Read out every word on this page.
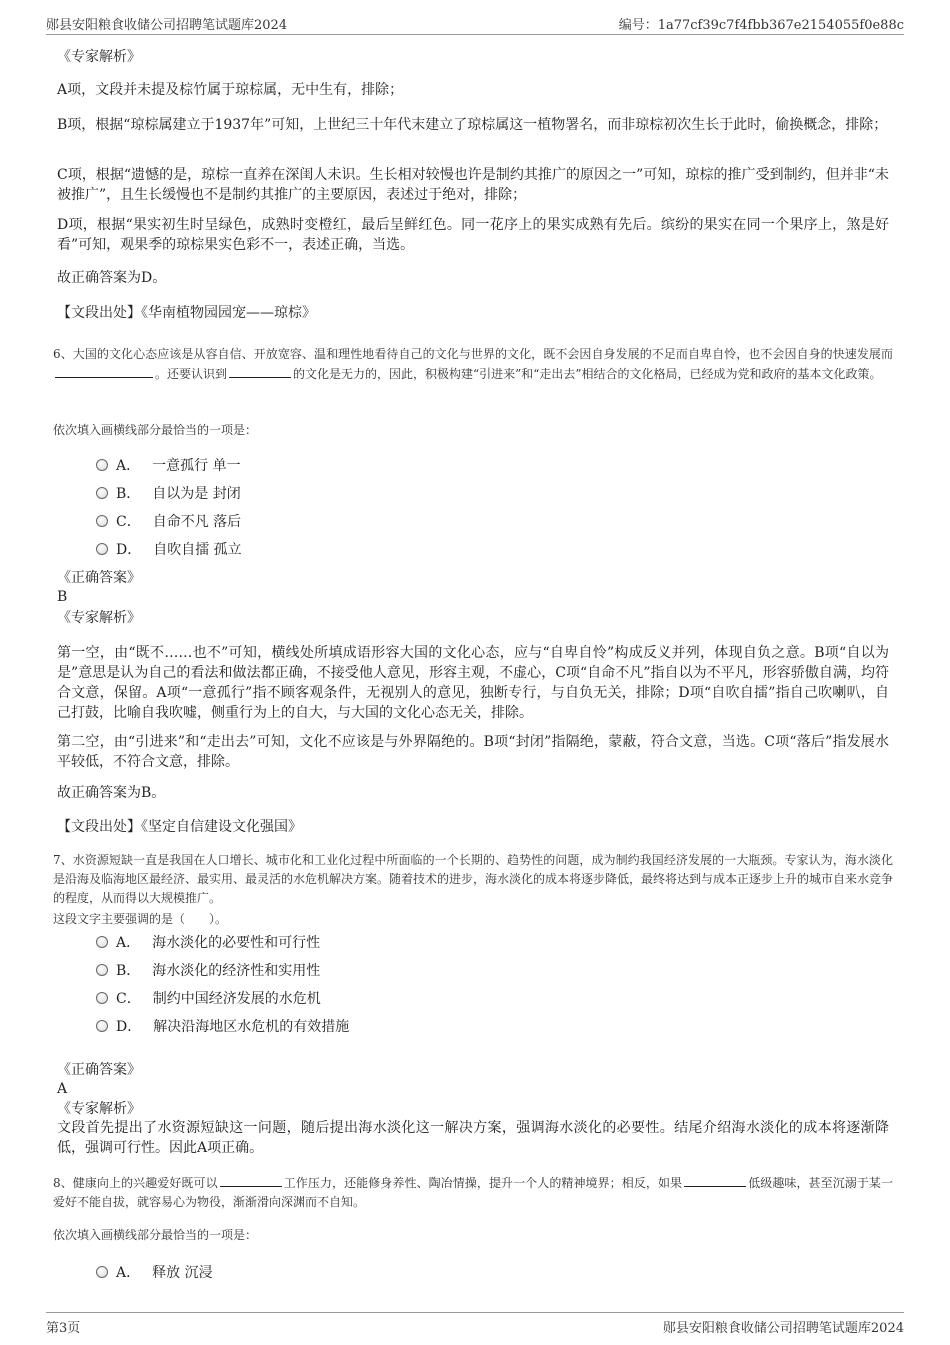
郧县安阳粮食收储公司招聘笔试题库2024	编号：1a77cf39c7f4fbb367e2154055f0e88c
《专家解析》
A项，文段并未提及棕竹属于琼棕属，无中生有，排除；
B项，根据“琼棕属建立于1937年”可知，上世纪三十年代末建立了琼棕属这一植物署名，而非琼棕初次生长于此时，偷换概念，排除；
C项，根据“遗憾的是，琼棕一直养在深闺人未识。生长相对较慢也许是制约其推广的原因之一”可知，琼棕的推广受到制约，但并非“未被推广”，且生长缓慢也不是制约其推广的主要原因，表述过于绝对，排除；
D项，根据“果实初生时呈绿色，成熟时变橙红，最后呈鲜红色。同一花序上的果实成熟有先后。缤纷的果实在同一个果序上，煞是好看”可知，观果季的琼棕果实色彩不一，表述正确，当选。
故正确答案为D。
【文段出处】《华南植物园园宠——琼棕》
6、大国的文化心态应该是从容自信、开放宽容、温和理性地看待自己的文化与世界的文化，既不会因自身发展的不足而自卑自怜，也不会因自身的快速发展而。还要认识到	的文化是无力的，因此，积极构建“引进来”和“走出去”相结合的文化格局，已经成为党和政府的基本文化政策。
依次填入画横线部分最恰当的一项是：
A． 一意孤行 单一
B． 自以为是 封闭
C． 自命不凡 落后
D． 自吹自擂 孤立
《正确答案》
B
《专家解析》
第一空，由“既不……也不”可知，横线处所填成语形容大国的文化心态，应与“自卑自怜”构成反义并列，体现自负之意。B项“自以为是”意思是认为自己的看法和做法都正确，不接受他人意见，形容主观，不虚心，C项“自命不凡”指自以为不平凡，形容骄傲自满，均符合文意，保留。A项“一意孤行”指不顾客观条件，无视别人的意见，独断专行，与自负无关，排除；D项“自吹自擂”指自己吹喇叭，自己打鼓，比喻自我吹嘘，侧重行为上的自大，与大国的文化心态无关，排除。
第二空，由“引进来”和“走出去”可知，文化不应该是与外界隔绝的。B项“封闭”指隔绝，蒙蔽，符合文意，当选。C项“落后”指发展水平较低，不符合文意，排除。
故正确答案为B。
【文段出处】《坚定自信建设文化强国》
7、水资源短缺一直是我国在人口增长、城市化和工业化过程中所面临的一个长期的、趋势性的问题，成为制约我国经济发展的一大瓶颈。专家认为，海水淡化是沿海及临海地区最经济、最实用、最灵活的水危机解决方案。随着技术的进步，海水淡化的成本将逐步降低，最终将达到与成本正逐步上升的城市自来水竞争的程度，从而得以大规模推广。
这段文字主要强调的是（　　）。
A． 海水淡化的必要性和可行性
B． 海水淡化的经济性和实用性
C． 制约中国经济发展的水危机
D． 解决沿海地区水危机的有效措施
《正确答案》
A
《专家解析》
文段首先提出了水资源短缺这一问题，随后提出海水淡化这一解决方案，强调海水淡化的必要性。结尾介绍海水淡化的成本将逐渐降低，强调可行性。因此A项正确。
8、健康向上的兴趣爱好既可以	工作压力，还能修身养性、陶冶情操，提升一个人的精神境界；相反，如果	低级趣味，甚至沉溺于某一爱好不能自拔，就容易心为物役，渐渐滑向深渊而不自知。
依次填入画横线部分最恰当的一项是：
A． 释放 沉浸
第3页	郧县安阳粮食收储公司招聘笔试题库2024
